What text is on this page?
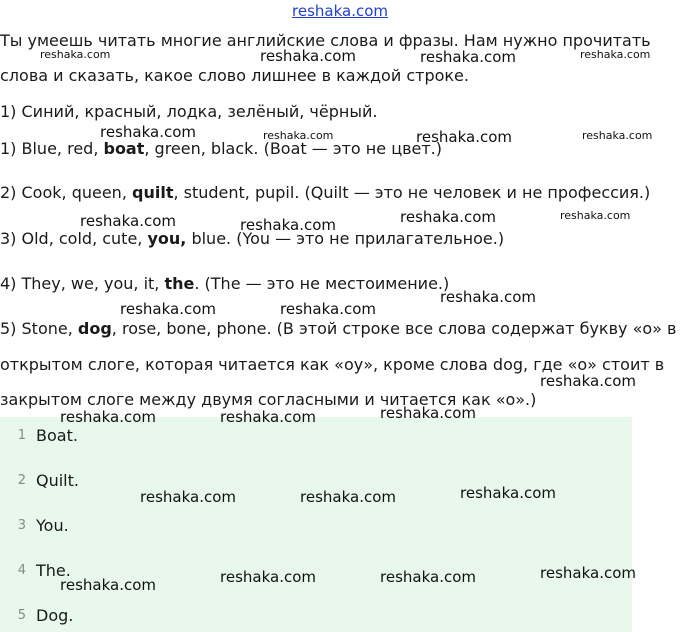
reshaka.com
Ты умеешь читать многие английские слова и фразы. Нам нужно прочитать
слова и сказать, какое слово лишнее в каждой строке.
1) Синий, красный, лодка, зелёный, чёрный.
1) Blue, red, boat, green, black. (Boat — это не цвет.)
2) Cook, queen, quilt, student, pupil. (Quilt — это не человек и не профессия.)
3) Old, cold, cute, you, blue. (You — это не прилагательное.)
4) They, we, you, it, the. (The — это не местоимение.)
5) Stone, dog, rose, bone, phone. (В этой строке все слова содержат букву «о» в
открытом слоге, которая читается как «оу», кроме слова dog, где «о» стоит в
закрытом слоге между двумя согласными и читается как «о».)
1 Boat.
2 Quilt.
3 You.
4 The.
5 Dog.
reshaka.com	reshaka.com	reshaka.com	reshaka.com
reshaka.com	reshaka.com	reshaka.com	reshaka.com
reshaka.com	reshaka.com	reshaka.com	reshaka.com
reshaka.com
reshaka.com	reshaka.com
reshaka.com
reshaka.com
reshaka.com	reshaka.com
reshaka.com	reshaka.com	reshaka.com
reshaka.com
reshaka.com	reshaka.com
reshaka.com
